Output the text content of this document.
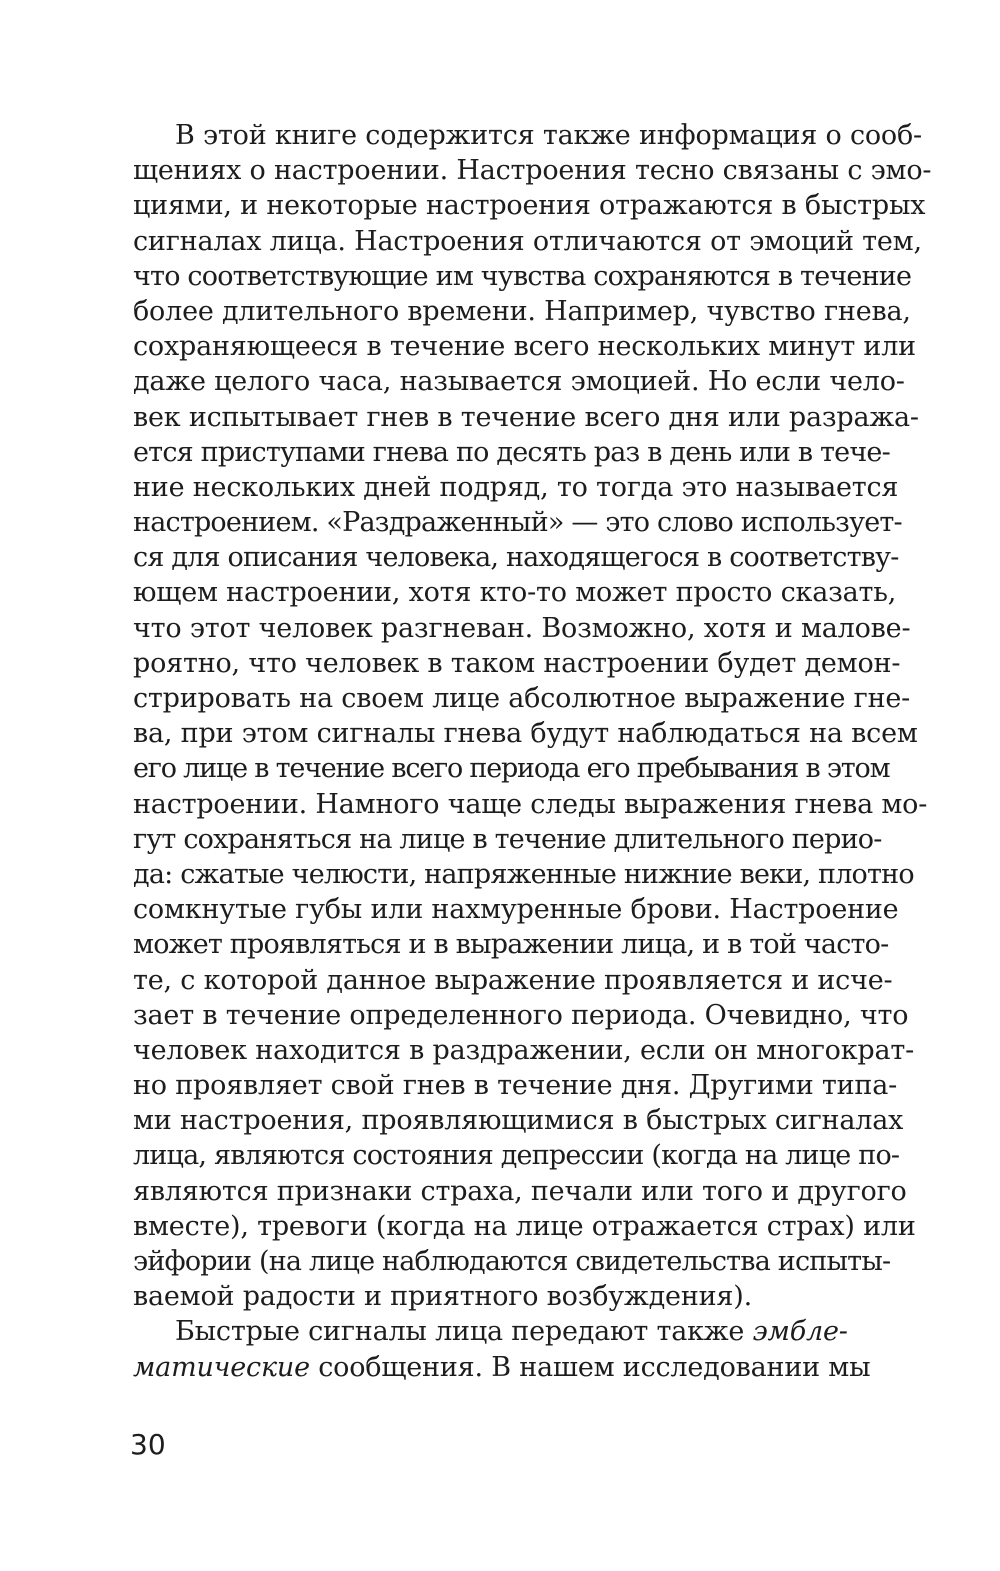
В этой книге содержится также информация о сооб-
щениях о настроении. Настроения тесно связаны с эмо-
циями, и некоторые настроения отражаются в быстрых
сигналах лица. Настроения отличаются от эмоций тем,
что соответствующие им чувства сохраняются в течение
более длительного времени. Например, чувство гнева,
сохраняющееся в течение всего нескольких минут или
даже целого часа, называется эмоцией. Но если чело-
век испытывает гнев в течение всего дня или разража-
ется приступами гнева по десять раз в день или в тече-
ние нескольких дней подряд, то тогда это называется
настроением. «Раздраженный» — это слово использует-
ся для описания человека, находящегося в соответству-
ющем настроении, хотя кто-то может просто сказать,
что этот человек разгневан. Возможно, хотя и малове-
роятно, что человек в таком настроении будет демон-
стрировать на своем лице абсолютное выражение гне-
ва, при этом сигналы гнева будут наблюдаться на всем
его лице в течение всего периода его пребывания в этом
настроении. Намного чаще следы выражения гнева мо-
гут сохраняться на лице в течение длительного перио-
да: сжатые челюсти, напряженные нижние веки, плотно
сомкнутые губы или нахмуренные брови. Настроение
может проявляться и в выражении лица, и в той часто-
те, с которой данное выражение проявляется и исче-
зает в течение определенного периода. Очевидно, что
человек находится в раздражении, если он многократ-
но проявляет свой гнев в течение дня. Другими типа-
ми настроения, проявляющимися в быстрых сигналах
лица, являются состояния депрессии (когда на лице по-
являются признаки страха, печали или того и другого
вместе), тревоги (когда на лице отражается страх) или
эйфории (на лице наблюдаются свидетельства испыты-
ваемой радости и приятного возбуждения).
Быстрые сигналы лица передают также эмбле-
матические сообщения. В нашем исследовании мы
30
